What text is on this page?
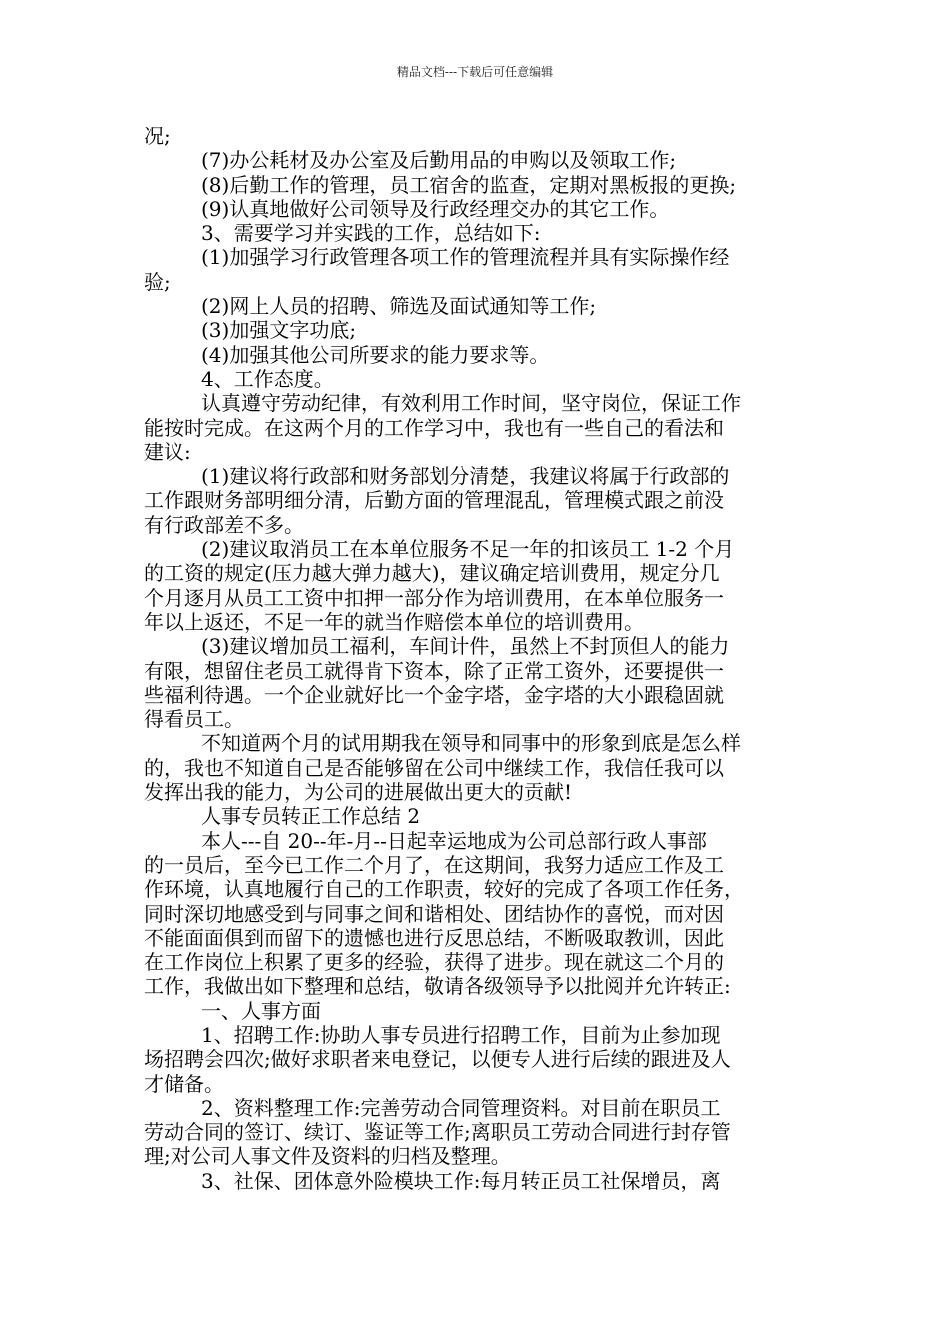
精品文档---下载后可任意编辑
况;
(7)办公耗材及办公室及后勤用品的申购以及领取工作;
(8)后勤工作的管理，员工宿舍的监查，定期对黑板报的更换;
(9)认真地做好公司领导及行政经理交办的其它工作。
3、需要学习并实践的工作，总结如下:
(1)加强学习行政管理各项工作的管理流程并具有实际操作经
验;
(2)网上人员的招聘、筛选及面试通知等工作;
(3)加强文字功底;
(4)加强其他公司所要求的能力要求等。
4、工作态度。
认真遵守劳动纪律，有效利用工作时间，坚守岗位，保证工作
能按时完成。在这两个月的工作学习中，我也有一些自己的看法和
建议:
(1)建议将行政部和财务部划分清楚，我建议将属于行政部的
工作跟财务部明细分清，后勤方面的管理混乱，管理模式跟之前没
有行政部差不多。
(2)建议取消员工在本单位服务不足一年的扣该员工 1-2 个月
的工资的规定(压力越大弹力越大)，建议确定培训费用，规定分几
个月逐月从员工工资中扣押一部分作为培训费用，在本单位服务一
年以上返还，不足一年的就当作赔偿本单位的培训费用。
(3)建议增加员工福利，车间计件，虽然上不封顶但人的能力
有限，想留住老员工就得肯下资本，除了正常工资外，还要提供一
些福利待遇。一个企业就好比一个金字塔，金字塔的大小跟稳固就
得看员工。
不知道两个月的试用期我在领导和同事中的形象到底是怎么样
的，我也不知道自己是否能够留在公司中继续工作，我信任我可以
发挥出我的能力，为公司的进展做出更大的贡献!
人事专员转正工作总结 2
本人---自 20--年-月--日起幸运地成为公司总部行政人事部
的一员后，至今已工作二个月了，在这期间，我努力适应工作及工
作环境，认真地履行自己的工作职责，较好的完成了各项工作任务，
同时深切地感受到与同事之间和谐相处、团结协作的喜悦，而对因
不能面面俱到而留下的遗憾也进行反思总结，不断吸取教训，因此
在工作岗位上积累了更多的经验，获得了进步。现在就这二个月的
工作，我做出如下整理和总结，敬请各级领导予以批阅并允许转正:
一、人事方面
1、招聘工作:协助人事专员进行招聘工作，目前为止参加现
场招聘会四次;做好求职者来电登记，以便专人进行后续的跟进及人
才储备。
2、资料整理工作:完善劳动合同管理资料。对目前在职员工
劳动合同的签订、续订、鉴证等工作;离职员工劳动合同进行封存管
理;对公司人事文件及资料的归档及整理。
3、社保、团体意外险模块工作:每月转正员工社保增员，离
